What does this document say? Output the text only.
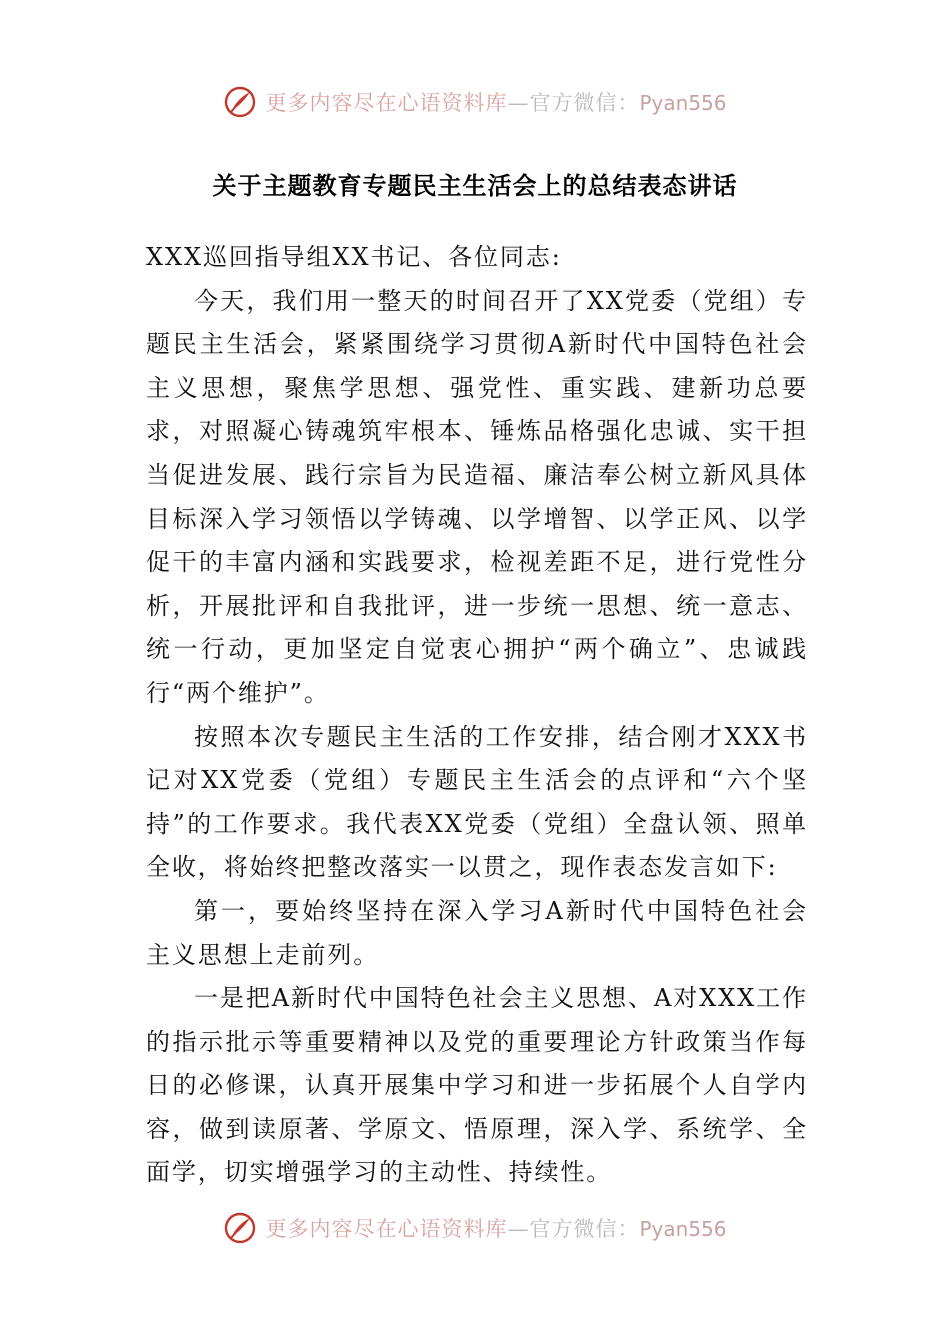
更多内容尽在心语资料库—官方微信：Pyan556
关于主题教育专题民主生活会上的总结表态讲话

XXX巡回指导组XX书记、各位同志:

今天，我们用一整天的时间召开了XX党委（党组）专题民主生活会，紧紧围绕学习贯彻A新时代中国特色社会主义思想，聚焦学思想、强党性、重实践、建新功总要求，对照凝心铸魂筑牢根本、锤炼品格强化忠诚、实干担当促进发展、践行宗旨为民造福、廉洁奉公树立新风具体目标深入学习领悟以学铸魂、以学增智、以学正风、以学促干的丰富内涵和实践要求，检视差距不足，进行党性分析，开展批评和自我批评，进一步统一思想、统一意志、统一行动，更加坚定自觉衷心拥护“两个确立”、忠诚践行“两个维护”。

按照本次专题民主生活的工作安排，结合刚才XXX书记对XX党委（党组）专题民主生活会的点评和“六个坚持”的工作要求。我代表XX党委（党组）全盘认领、照单全收，将始终把整改落实一以贯之，现作表态发言如下:

第一，要始终坚持在深入学习A新时代中国特色社会主义思想上走前列。

一是把A新时代中国特色社会主义思想、A对XXX工作的指示批示等重要精神以及党的重要理论方针政策当作每日的必修课，认真开展集中学习和进一步拓展个人自学内容，做到读原著、学原文、悟原理，深入学、系统学、全面学，切实增强学习的主动性、持续性。

更多内容尽在心语资料库—官方微信：Pyan556
